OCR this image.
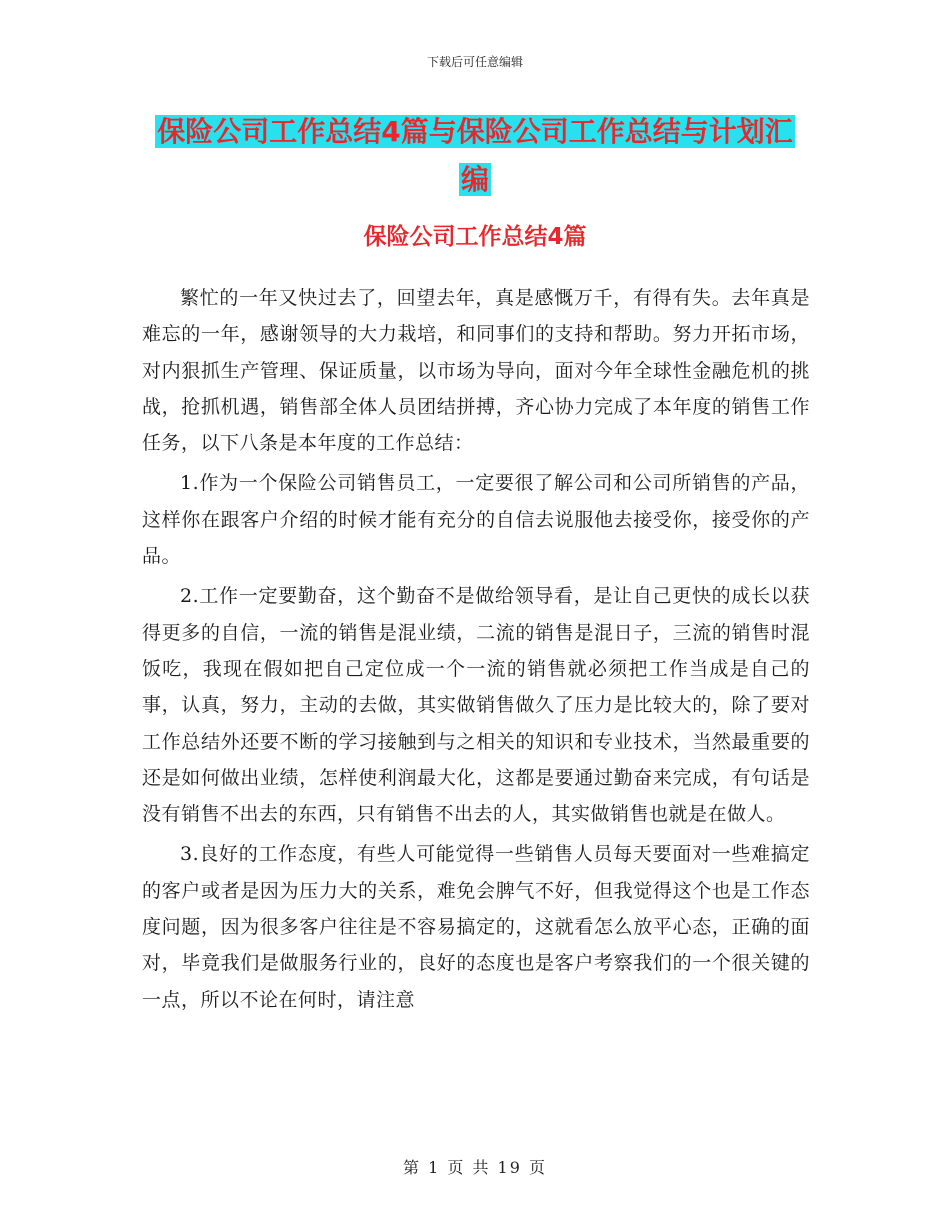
下载后可任意编辑
保险公司工作总结4篇与保险公司工作总结与计划汇
编
保险公司工作总结4篇

繁忙的一年又快过去了，回望去年，真是感慨万千，有得有失。去年真是难忘的一年，感谢领导的大力栽培，和同事们的支持和帮助。努力开拓市场，对内狠抓生产管理、保证质量，以市场为导向，面对今年全球性金融危机的挑战，抢抓机遇，销售部全体人员团结拼搏，齐心协力完成了本年度的销售工作任务，以下八条是本年度的工作总结：

1.作为一个保险公司销售员工，一定要很了解公司和公司所销售的产品，这样你在跟客户介绍的时候才能有充分的自信去说服他去接受你，接受你的产品。

2.工作一定要勤奋，这个勤奋不是做给领导看，是让自己更快的成长以获得更多的自信，一流的销售是混业绩，二流的销售是混日子，三流的销售时混饭吃，我现在假如把自己定位成一个一流的销售就必须把工作当成是自己的事，认真，努力，主动的去做，其实做销售做久了压力是比较大的，除了要对工作总结外还要不断的学习接触到与之相关的知识和专业技术，当然最重要的还是如何做出业绩，怎样使利润最大化，这都是要通过勤奋来完成，有句话是没有销售不出去的东西，只有销售不出去的人，其实做销售也就是在做人。

3.良好的工作态度，有些人可能觉得一些销售人员每天要面对一些难搞定的客户或者是因为压力大的关系，难免会脾气不好，但我觉得这个也是工作态度问题，因为很多客户往往是不容易搞定的，这就看怎么放平心态，正确的面对，毕竟我们是做服务行业的，良好的态度也是客户考察我们的一个很关键的一点，所以不论在何时，请注意

第 1 页 共 19 页
